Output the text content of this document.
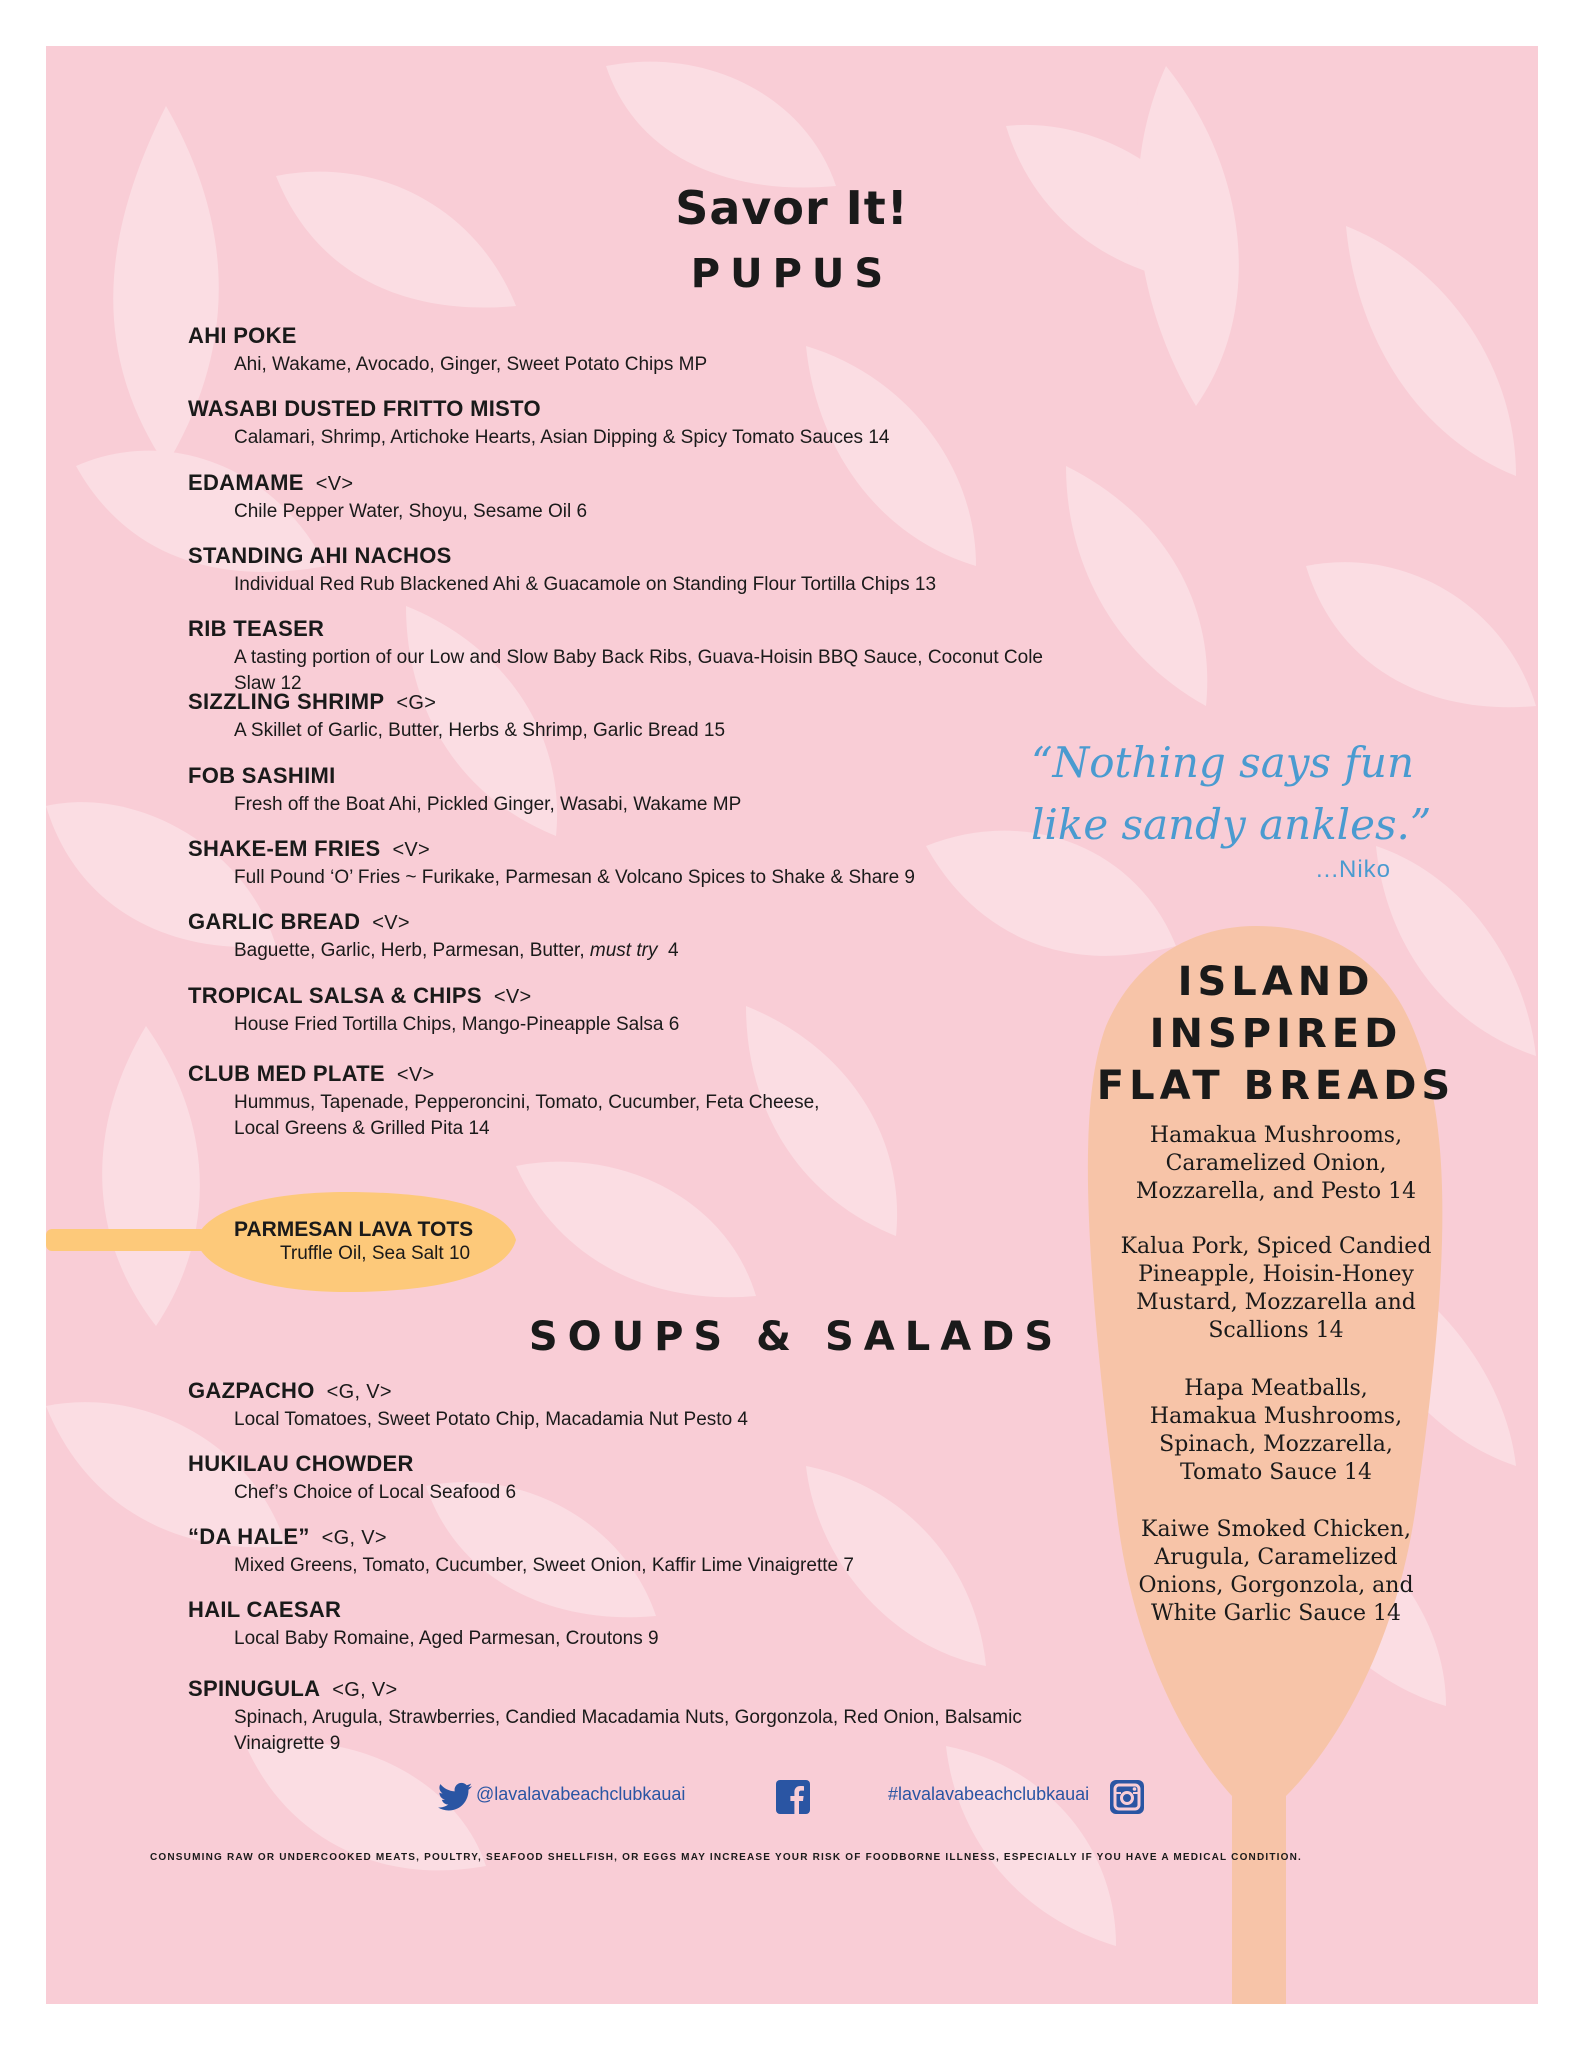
Savor It!
PUPUS
AHI POKE
Ahi, Wakame, Avocado, Ginger, Sweet Potato Chips MP
WASABI DUSTED FRITTO MISTO
Calamari, Shrimp, Artichoke Hearts, Asian Dipping & Spicy Tomato Sauces 14
EDAMAME <V>
Chile Pepper Water, Shoyu, Sesame Oil 6
STANDING AHI NACHOS
Individual Red Rub Blackened Ahi & Guacamole on Standing Flour Tortilla Chips 13
RIB TEASER
A tasting portion of our Low and Slow Baby Back Ribs, Guava-Hoisin BBQ Sauce, Coconut Cole Slaw 12
SIZZLING SHRIMP <G>
A Skillet of Garlic, Butter, Herbs & Shrimp, Garlic Bread 15
FOB SASHIMI
Fresh off the Boat Ahi, Pickled Ginger, Wasabi, Wakame MP
SHAKE-EM FRIES <V>
Full Pound ‘O’ Fries ~ Furikake, Parmesan & Volcano Spices to Shake & Share 9
GARLIC BREAD <V>
Baguette, Garlic, Herb, Parmesan, Butter, must try  4
TROPICAL SALSA & CHIPS <V>
House Fried Tortilla Chips, Mango-Pineapple Salsa 6
CLUB MED PLATE <V>
Hummus, Tapenade, Pepperoncini, Tomato, Cucumber, Feta Cheese,
Local Greens & Grilled Pita 14
PARMESAN LAVA TOTS
Truffle Oil, Sea Salt 10
SOUPS & SALADS
GAZPACHO <G, V>
Local Tomatoes, Sweet Potato Chip, Macadamia Nut Pesto 4
HUKILAU CHOWDER
Chef’s Choice of Local Seafood 6
“DA HALE” <G, V>
Mixed Greens, Tomato, Cucumber, Sweet Onion, Kaffir Lime Vinaigrette 7
HAIL CAESAR
Local Baby Romaine, Aged Parmesan, Croutons 9
SPINUGULA <G, V>
Spinach, Arugula, Strawberries, Candied Macadamia Nuts, Gorgonzola, Red Onion, Balsamic Vinaigrette 9
“Nothing says fun
like sandy ankles.”
...Niko
ISLAND
INSPIRED
FLAT BREADS
Hamakua Mushrooms,
Caramelized Onion,
Mozzarella, and Pesto 14
Kalua Pork, Spiced Candied
Pineapple, Hoisin-Honey
Mustard, Mozzarella and
Scallions 14
Hapa Meatballs,
Hamakua Mushrooms,
Spinach, Mozzarella,
Tomato Sauce 14
Kaiwe Smoked Chicken,
Arugula, Caramelized
Onions, Gorgonzola, and
White Garlic Sauce 14
@lavalavabeachclubkauai	#lavalavabeachclubkauai
CONSUMING RAW OR UNDERCOOKED MEATS, POULTRY, SEAFOOD SHELLFISH, OR EGGS MAY INCREASE YOUR RISK OF FOODBORNE ILLNESS, ESPECIALLY IF YOU HAVE A MEDICAL CONDITION.
